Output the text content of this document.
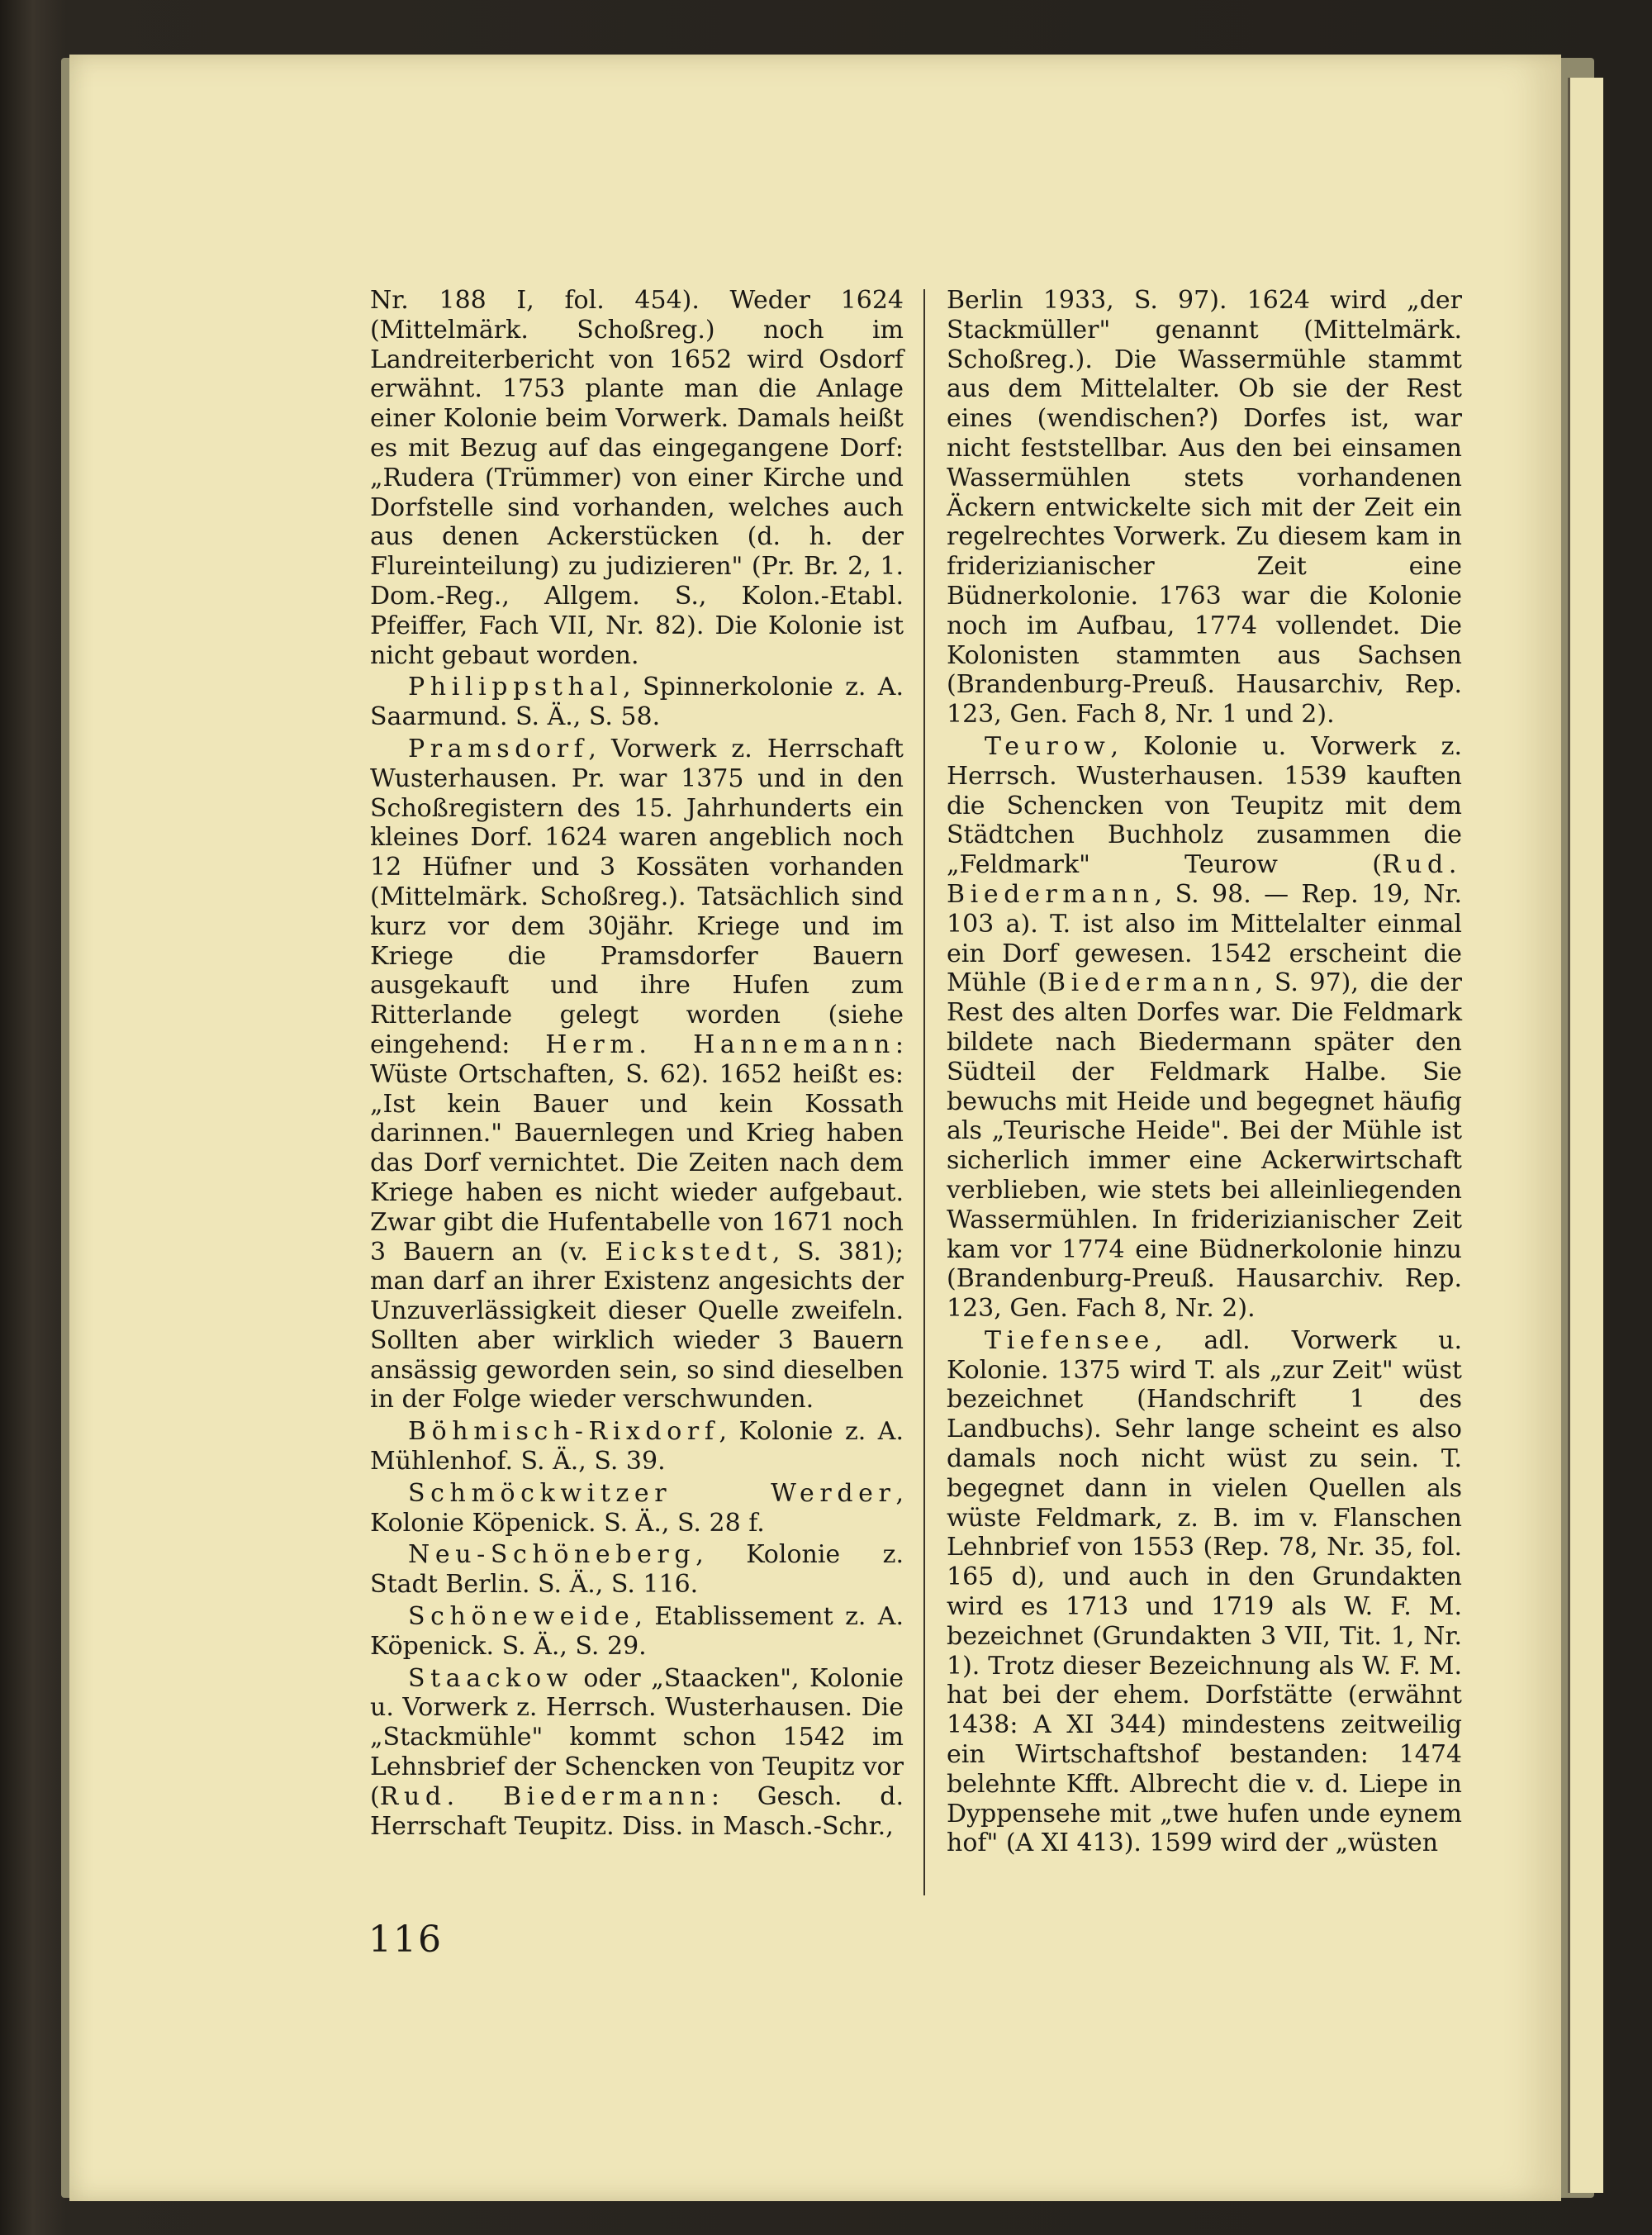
Nr. 188 I, fol. 454). Weder 1624 (Mittelmärk. Schoßreg.) noch im Landreiterbericht von 1652 wird Osdorf erwähnt. 1753 plante man die Anlage einer Kolonie beim Vorwerk. Damals heißt es mit Bezug auf das eingegangene Dorf: „Rudera (Trümmer) von einer Kirche und Dorfstelle sind vorhanden, welches auch aus denen Ackerstücken (d. h. der Flureinteilung) zu judizieren" (Pr. Br. 2, 1. Dom.-Reg., Allgem. S., Kolon.-Etabl. Pfeiffer, Fach VII, Nr. 82). Die Kolonie ist nicht gebaut worden.

Philippsthal, Spinnerkolonie z. A. Saarmund. S. Ä., S. 58.

Pramsdorf, Vorwerk z. Herrschaft Wusterhausen. Pr. war 1375 und in den Schoßregistern des 15. Jahrhunderts ein kleines Dorf. 1624 waren angeblich noch 12 Hüfner und 3 Kossäten vorhanden (Mittelmärk. Schoßreg.). Tatsächlich sind kurz vor dem 30jähr. Kriege und im Kriege die Pramsdorfer Bauern ausgekauft und ihre Hufen zum Ritterlande gelegt worden (siehe eingehend: Herm. Hannemann: Wüste Ortschaften, S. 62). 1652 heißt es: „Ist kein Bauer und kein Kossath darinnen." Bauernlegen und Krieg haben das Dorf vernichtet. Die Zeiten nach dem Kriege haben es nicht wieder aufgebaut. Zwar gibt die Hufentabelle von 1671 noch 3 Bauern an (v. Eickstedt, S. 381); man darf an ihrer Existenz angesichts der Unzuverlässigkeit dieser Quelle zweifeln. Sollten aber wirklich wieder 3 Bauern ansässig geworden sein, so sind dieselben in der Folge wieder verschwunden.

Böhmisch-Rixdorf, Kolonie z. A. Mühlenhof. S. Ä., S. 39.

Schmöckwitzer Werder, Kolonie Köpenick. S. Ä., S. 28 f.

Neu-Schöneberg, Kolonie z. Stadt Berlin. S. Ä., S. 116.

Schöneweide, Etablissement z. A. Köpenick. S. Ä., S. 29.

Staackow oder „Staacken", Kolonie u. Vorwerk z. Herrsch. Wusterhausen. Die „Stackmühle" kommt schon 1542 im Lehnsbrief der Schencken von Teupitz vor (Rud. Biedermann: Gesch. d. Herrschaft Teupitz. Diss. in Masch.-Schr.,

Berlin 1933, S. 97). 1624 wird „der Stackmüller" genannt (Mittelmärk. Schoßreg.). Die Wassermühle stammt aus dem Mittelalter. Ob sie der Rest eines (wendischen?) Dorfes ist, war nicht feststellbar. Aus den bei einsamen Wassermühlen stets vorhandenen Äckern entwickelte sich mit der Zeit ein regelrechtes Vorwerk. Zu diesem kam in friderizianischer Zeit eine Büdnerkolonie. 1763 war die Kolonie noch im Aufbau, 1774 vollendet. Die Kolonisten stammten aus Sachsen (Brandenburg-Preuß. Hausarchiv, Rep. 123, Gen. Fach 8, Nr. 1 und 2).

Teurow, Kolonie u. Vorwerk z. Herrsch. Wusterhausen. 1539 kauften die Schencken von Teupitz mit dem Städtchen Buchholz zusammen die „Feldmark" Teurow (Rud. Biedermann, S. 98. — Rep. 19, Nr. 103 a). T. ist also im Mittelalter einmal ein Dorf gewesen. 1542 erscheint die Mühle (Biedermann, S. 97), die der Rest des alten Dorfes war. Die Feldmark bildete nach Biedermann später den Südteil der Feldmark Halbe. Sie bewuchs mit Heide und begegnet häufig als „Teurische Heide". Bei der Mühle ist sicherlich immer eine Ackerwirtschaft verblieben, wie stets bei alleinliegenden Wassermühlen. In friderizianischer Zeit kam vor 1774 eine Büdnerkolonie hinzu (Brandenburg-Preuß. Hausarchiv. Rep. 123, Gen. Fach 8, Nr. 2).

Tiefensee, adl. Vorwerk u. Kolonie. 1375 wird T. als „zur Zeit" wüst bezeichnet (Handschrift 1 des Landbuchs). Sehr lange scheint es also damals noch nicht wüst zu sein. T. begegnet dann in vielen Quellen als wüste Feldmark, z. B. im v. Flanschen Lehnbrief von 1553 (Rep. 78, Nr. 35, fol. 165 d), und auch in den Grundakten wird es 1713 und 1719 als W. F. M. bezeichnet (Grundakten 3 VII, Tit. 1, Nr. 1). Trotz dieser Bezeichnung als W. F. M. hat bei der ehem. Dorfstätte (erwähnt 1438: A XI 344) mindestens zeitweilig ein Wirtschaftshof bestanden: 1474 belehnte Kfft. Albrecht die v. d. Liepe in Dyppensehe mit „twe hufen unde eynem hof" (A XI 413). 1599 wird der „wüsten

116
